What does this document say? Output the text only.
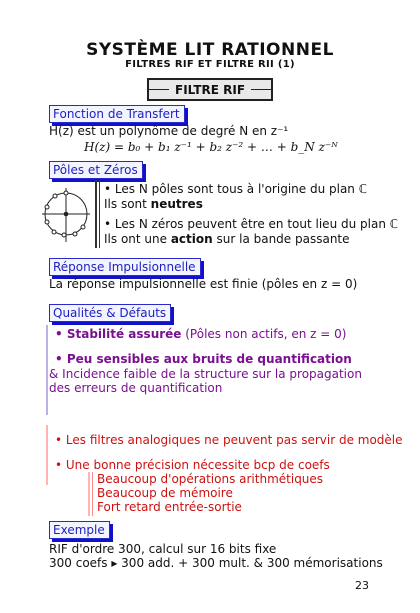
SYSTÈME LIT RATIONNEL
FILTRES RIF ET FILTRE RII (1)
FILTRE RIF
Fonction de Transfert
H(z) est un polynôme de degré N en z⁻¹
H(z) = b₀ + b₁ z⁻¹ + b₂ z⁻² + … + b_N z⁻ᴺ
Pôles et Zéros
• Les N pôles sont tous à l'origine du plan ℂ
Ils sont neutres
• Les N zéros peuvent être en tout lieu du plan ℂ
Ils ont une action sur la bande passante
Réponse Impulsionnelle
La réponse impulsionnelle est finie (pôles en z = 0)
Qualités & Défauts
• Stabilité assurée (Pôles non actifs, en z = 0)
• Peu sensibles aux bruits de quantification
& Incidence faible de la structure sur la propagation
des erreurs de quantification
• Les filtres analogiques ne peuvent pas servir de modèle
• Une bonne précision nécessite bcp de coefs
Beaucoup d'opérations arithmétiques
Beaucoup de mémoire
Fort retard entrée-sortie
Exemple
RIF d'ordre 300, calcul sur 16 bits fixe
300 coefs ▸ 300 add. + 300 mult. & 300 mémorisations
23
